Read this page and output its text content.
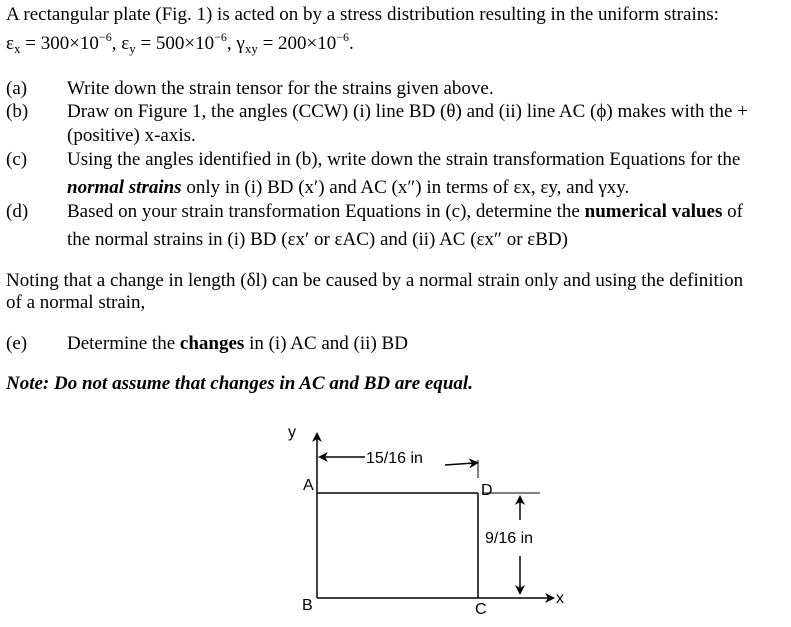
A rectangular plate (Fig. 1) is acted on by a stress distribution resulting in the uniform strains:
$\varepsilon_x = 300\times 10^{-6}$, $\varepsilon_y = 500\times 10^{-6}$, $\gamma_{xy} = 200\times 10^{-6}$.
(a) Write down the strain tensor for the strains given above.
(b) Draw on Figure 1, the angles (CCW) (i) line BD (θ) and (ii) line AC (ϕ) makes with the +
(positive) x-axis.
(c) Using the angles identified in (b), write down the strain transformation Equations for the
normal strains only in (i) BD (x′) and AC (x″) in terms of εx, εy, and γxy.
(d) Based on your strain transformation Equations in (c), determine the numerical values of
the normal strains in (i) BD (εx′ or εAC) and (ii) AC (εx″ or εBD)
Noting that a change in length (δl) can be caused by a normal strain only and using the definition
of a normal strain,
(e) Determine the changes in (i) AC and (ii) BD
Note: Do not assume that changes in AC and BD are equal.
y
x
15/16 in
9/16 in
A
B	C
D
